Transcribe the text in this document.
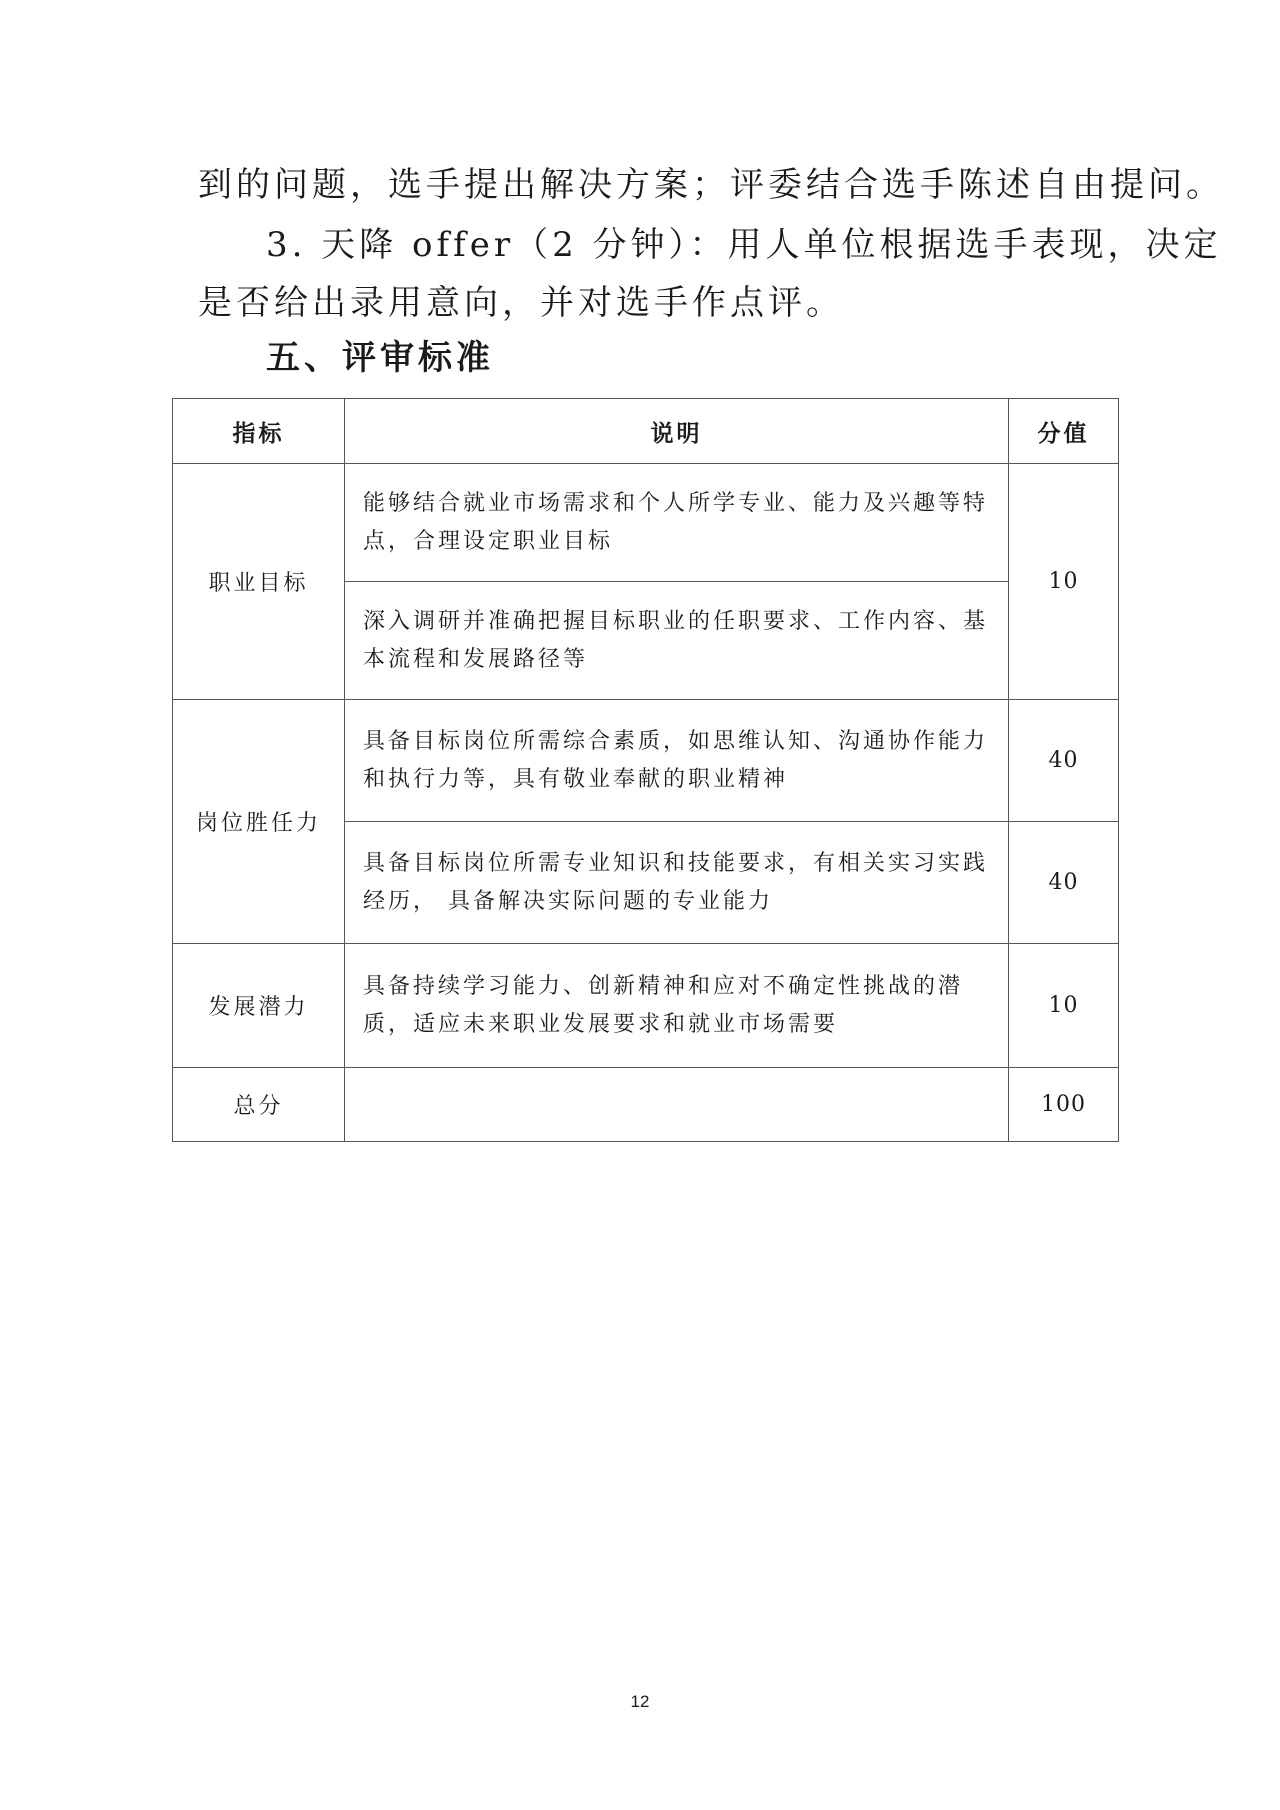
到的问题，选手提出解决方案；评委结合选手陈述自由提问。
3. 天降 offer（2 分钟）：用人单位根据选手表现，决定
是否给出录用意向，并对选手作点评。
五、评审标准
指标	说明	分值
职业目标	能够结合就业市场需求和个人所学专业、能力及兴趣等特点，合理设定职业目标	10
	深入调研并准确把握目标职业的任职要求、工作内容、基本流程和发展路径等	
岗位胜任力	具备目标岗位所需综合素质，如思维认知、沟通协作能力和执行力等，具有敬业奉献的职业精神	40
	具备目标岗位所需专业知识和技能要求，有相关实习实践经历， 具备解决实际问题的专业能力	40
发展潜力	具备持续学习能力、创新精神和应对不确定性挑战的潜质，适应未来职业发展要求和就业市场需要	10
总分		100
12
